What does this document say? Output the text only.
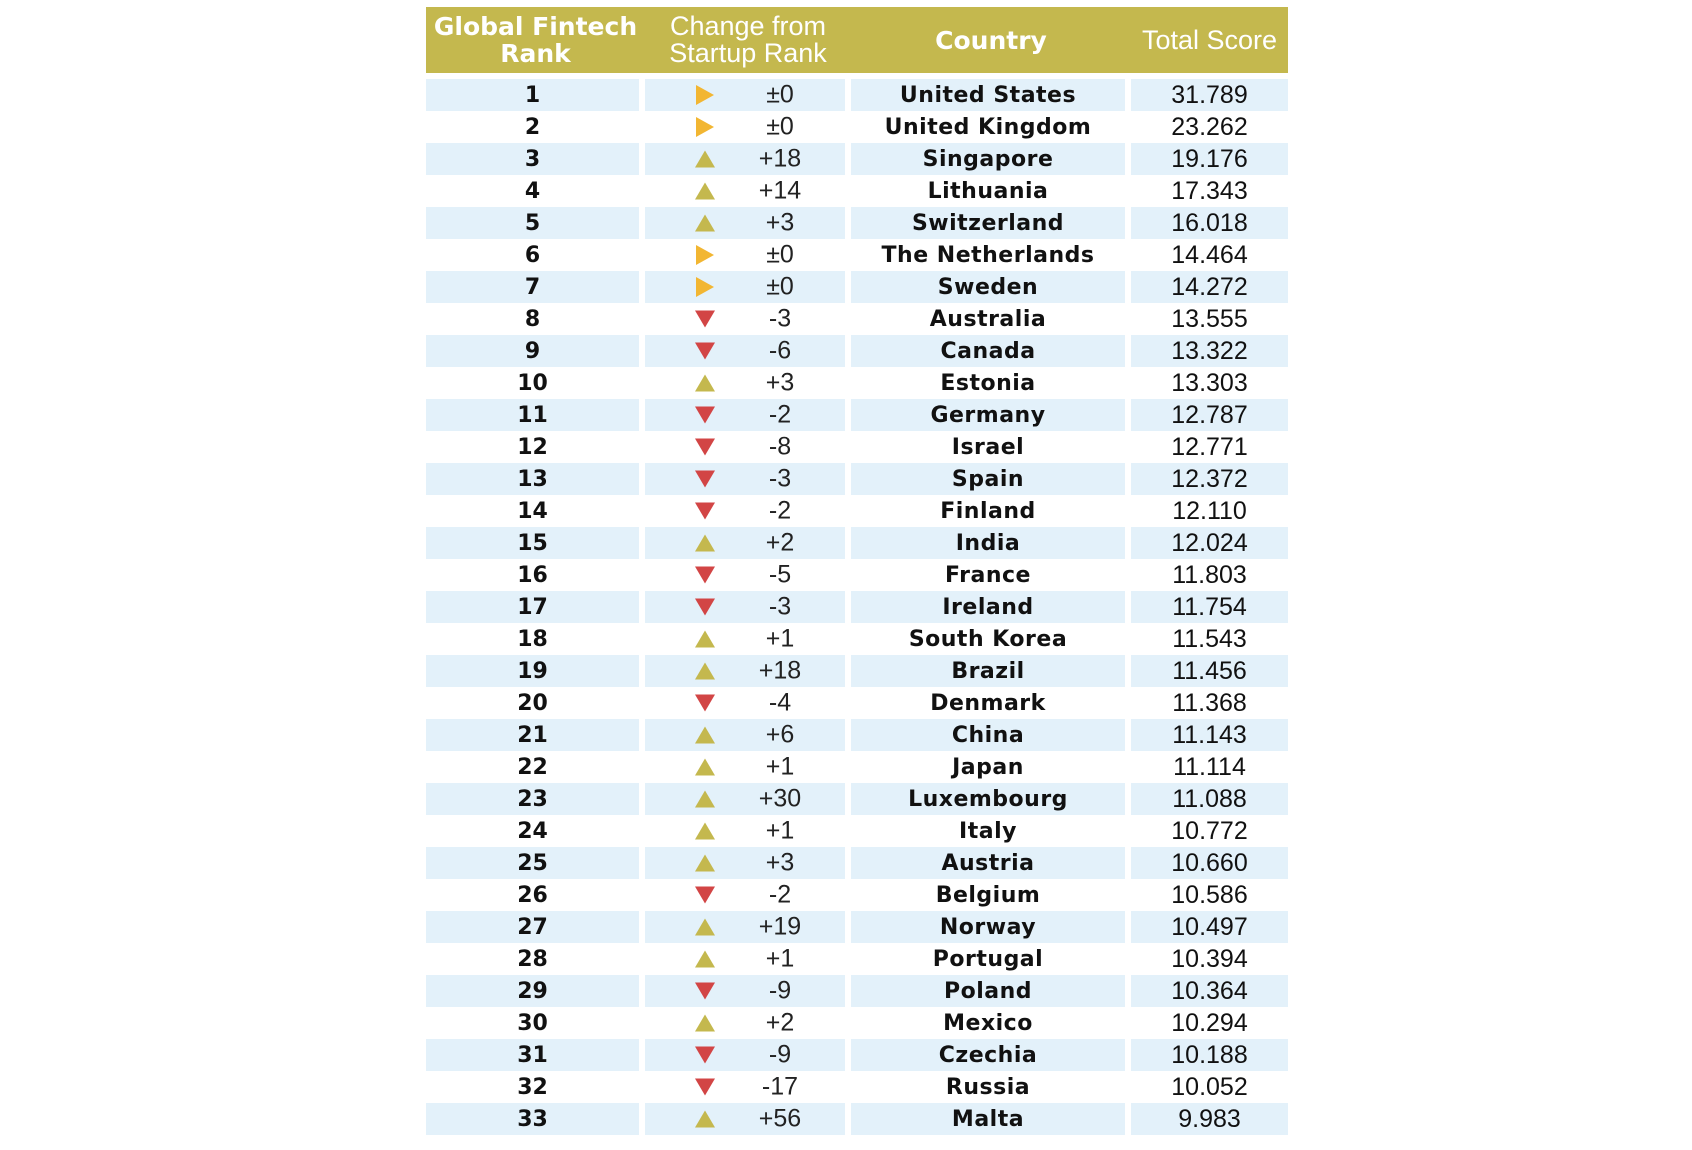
Global Fintech Rank	Change from Startup Rank	Country	Total Score
1	±0	United States	31.789
2	±0	United Kingdom	23.262
3	+18	Singapore	19.176
4	+14	Lithuania	17.343
5	+3	Switzerland	16.018
6	±0	The Netherlands	14.464
7	±0	Sweden	14.272
8	-3	Australia	13.555
9	-6	Canada	13.322
10	+3	Estonia	13.303
11	-2	Germany	12.787
12	-8	Israel	12.771
13	-3	Spain	12.372
14	-2	Finland	12.110
15	+2	India	12.024
16	-5	France	11.803
17	-3	Ireland	11.754
18	+1	South Korea	11.543
19	+18	Brazil	11.456
20	-4	Denmark	11.368
21	+6	China	11.143
22	+1	Japan	11.114
23	+30	Luxembourg	11.088
24	+1	Italy	10.772
25	+3	Austria	10.660
26	-2	Belgium	10.586
27	+19	Norway	10.497
28	+1	Portugal	10.394
29	-9	Poland	10.364
30	+2	Mexico	10.294
31	-9	Czechia	10.188
32	-17	Russia	10.052
33	+56	Malta	9.983
